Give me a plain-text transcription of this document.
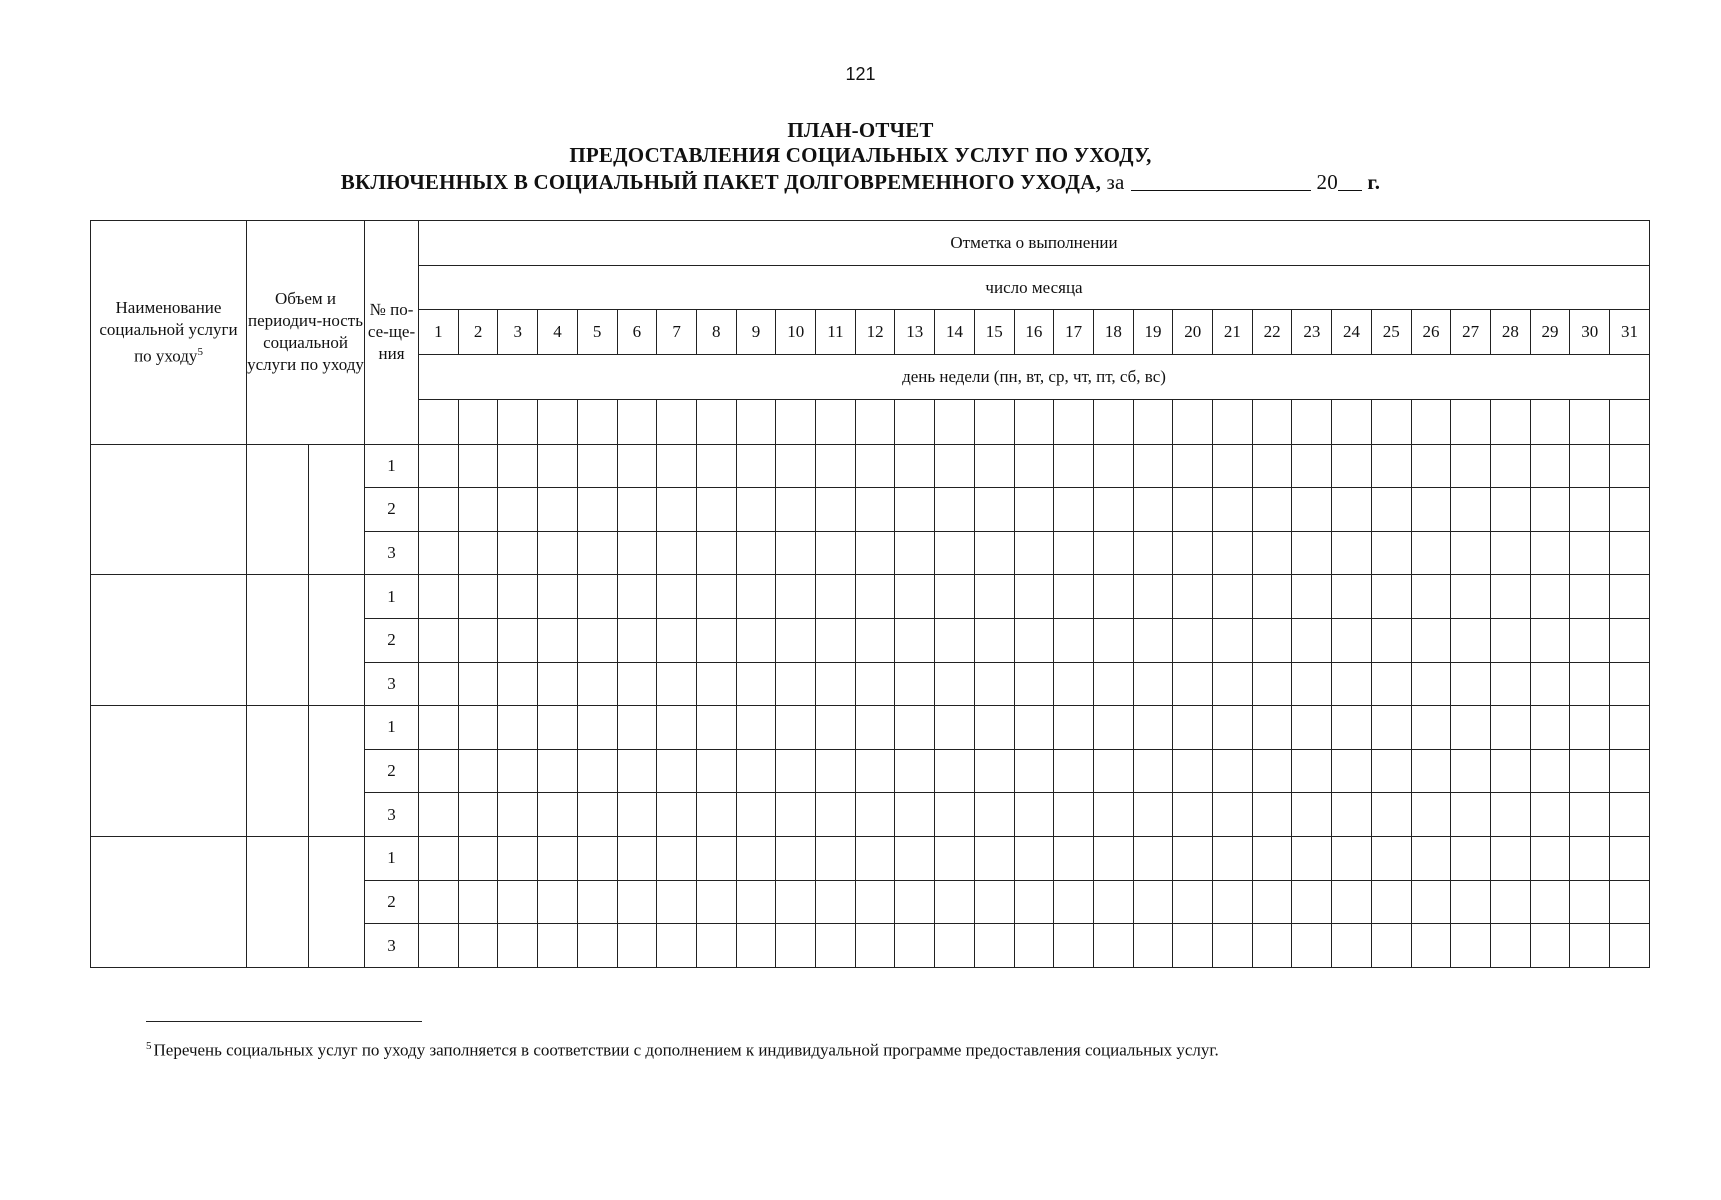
121
ПЛАН-ОТЧЕТ
ПРЕДОСТАВЛЕНИЯ СОЦИАЛЬНЫХ УСЛУГ ПО УХОДУ,
ВКЛЮЧЕННЫХ В СОЦИАЛЬНЫЙ ПАКЕТ ДОЛГОВРЕМЕННОГО УХОДА, за	20 г.
Наименование социальной услуги по уходу$^5$	Объем и периодич-ность социальной услуги по уходу		№ по-се-ще-ния	Отметка о выполнении																														
				число месяца																														
				1	2	3	4	5	6	7	8	9	10	11	12	13	14	15	16	17	18	19	20	21	22	23	24	25	26	27	28	29	30	31
				день недели (пн, вт, ср, чт, пт, сб, вс)																														

			1																															
			2																															
			3																															
			1																															
			2																															
			3																															
			1																															
			2																															
			3																															
			1																															
			2																															
			3																															
$^5$ Перечень социальных услуг по уходу заполняется в соответствии с дополнением к индивидуальной программе предоставления социальных услуг.
